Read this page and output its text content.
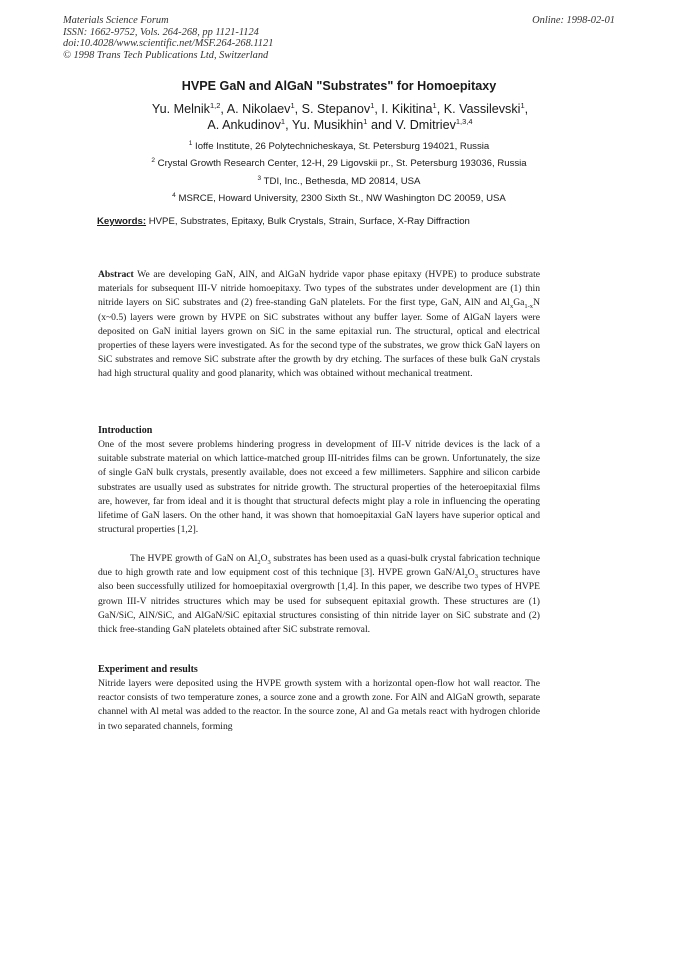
Materials Science Forum
ISSN: 1662-9752, Vols. 264-268, pp 1121-1124
doi:10.4028/www.scientific.net/MSF.264-268.1121
© 1998 Trans Tech Publications Ltd, Switzerland
Online: 1998-02-01
HVPE GaN and AlGaN "Substrates" for Homoepitaxy
Yu. Melnik$^{1,2}$, A. Nikolaev$^1$, S. Stepanov$^1$, I. Kikitina$^1$, K. Vassilevski$^1$,
A. Ankudinov$^1$, Yu. Musikhin$^1$ and V. Dmitriev$^{1,3,4}$
$^1$ Ioffe Institute, 26 Polytechnicheskaya, St. Petersburg 194021, Russia
$^2$ Crystal Growth Research Center, 12-H, 29 Ligovskii pr., St. Petersburg 193036, Russia
$^3$ TDI, Inc., Bethesda, MD 20814, USA
$^4$ MSRCE, Howard University, 2300 Sixth St., NW Washington DC 20059, USA
Keywords: HVPE, Substrates, Epitaxy, Bulk Crystals, Strain, Surface, X-Ray Diffraction
Abstract We are developing GaN, AlN, and AlGaN hydride vapor phase epitaxy (HVPE) to produce substrate materials for subsequent III-V nitride homoepitaxy. Two types of the substrates under development are (1) thin nitride layers on SiC substrates and (2) free-standing GaN platelets. For the first type, GaN, AlN and $Al_xGa_{1-x}N$ (x~0.5) layers were grown by HVPE on SiC substrates without any buffer layer. Some of AlGaN layers were deposited on GaN initial layers grown on SiC in the same epitaxial run. The structural, optical and electrical properties of these layers were investigated. As for the second type of the substrates, we grow thick GaN layers on SiC substrates and remove SiC substrate after the growth by dry etching. The surfaces of these bulk GaN crystals had high structural quality and good planarity, which was obtained without mechanical treatment.
Introduction
One of the most severe problems hindering progress in development of III-V nitride devices is the lack of a suitable substrate material on which lattice-matched group III-nitrides films can be grown. Unfortunately, the size of single GaN bulk crystals, presently available, does not exceed a few millimeters. Sapphire and silicon carbide substrates are usually used as substrates for nitride growth. The structural properties of the heteroepitaxial films are, however, far from ideal and it is thought that structural defects might play a role in influencing the operating lifetime of GaN lasers. On the other hand, it was shown that homoepitaxial GaN layers have superior optical and structural properties [1,2].
The HVPE growth of GaN on $Al_2O_3$ substrates has been used as a quasi-bulk crystal fabrication technique due to high growth rate and low equipment cost of this technique [3]. HVPE grown GaN/$Al_2O_3$ structures have also been successfully utilized for homoepitaxial overgrowth [1,4]. In this paper, we describe two types of HVPE grown III-V nitrides structures which may be used for subsequent epitaxial growth. These structures are (1) GaN/SiC, AlN/SiC, and AlGaN/SiC epitaxial structures consisting of thin nitride layer on SiC substrate and (2) thick free-standing GaN platelets obtained after SiC substrate removal.
Experiment and results
Nitride layers were deposited using the HVPE growth system with a horizontal open-flow hot wall reactor. The reactor consists of two temperature zones, a source zone and a growth zone. For AlN and AlGaN growth, separate channel with Al metal was added to the reactor. In the source zone, Al and Ga metals react with hydrogen chloride in two separated channels, forming
